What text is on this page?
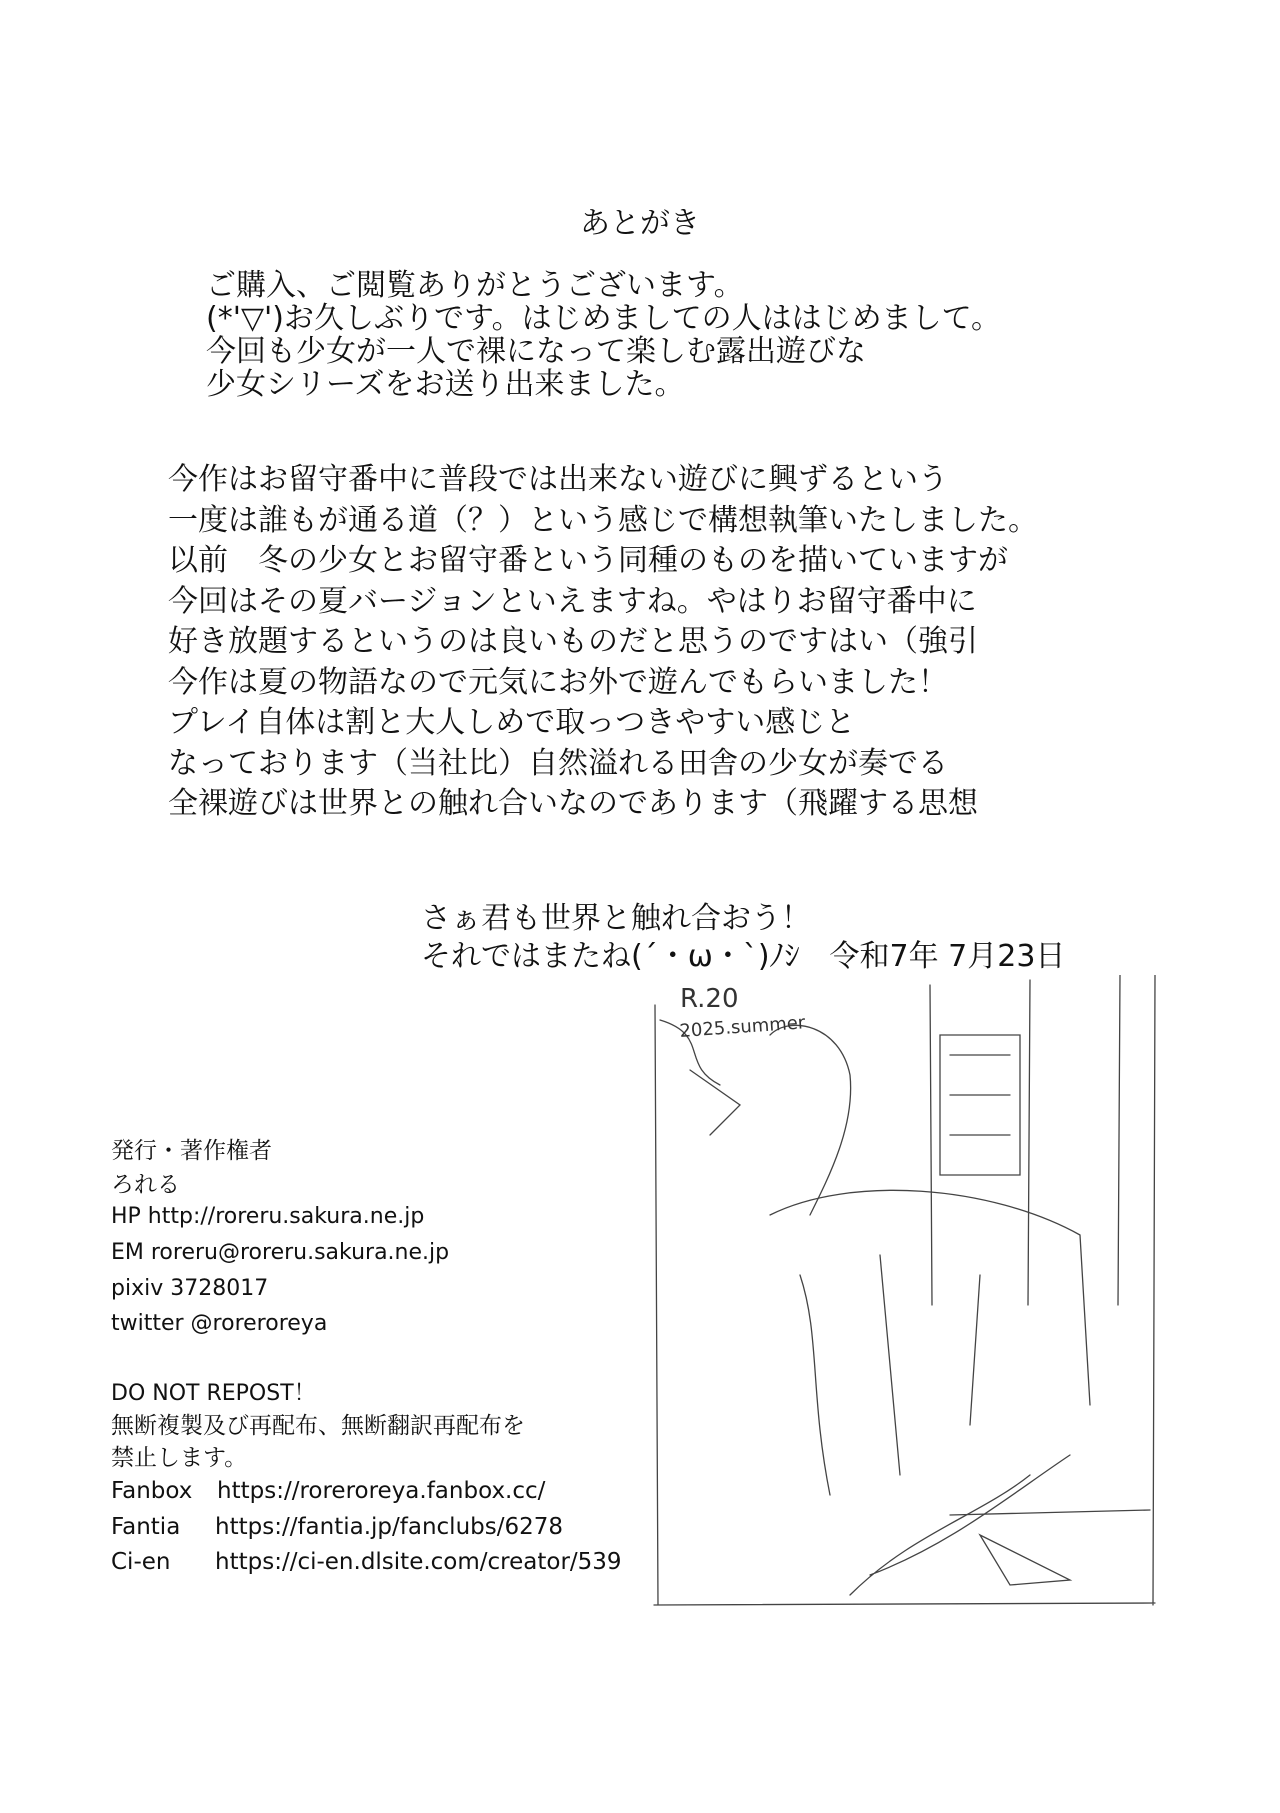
あとがき
ご購入、ご閲覧ありがとうございます。
(*'▽')お久しぶりです。はじめましての人ははじめまして。
今回も少女が一人で裸になって楽しむ露出遊びな
少女シリーズをお送り出来ました。
今作はお留守番中に普段では出来ない遊びに興ずるという
一度は誰もが通る道（？）という感じで構想執筆いたしました。
以前　冬の少女とお留守番という同種のものを描いていますが
今回はその夏バージョンといえますね。やはりお留守番中に
好き放題するというのは良いものだと思うのですはい（強引
今作は夏の物語なので元気にお外で遊んでもらいました！
プレイ自体は割と大人しめで取っつきやすい感じと
なっております（当社比）自然溢れる田舎の少女が奏でる
全裸遊びは世界との触れ合いなのであります（飛躍する思想
さぁ君も世界と触れ合おう！
それではまたね(´・ω・`)ﾉｼ　令和7年 7月23日
R.20
2025.summer
発行・著作権者
ろれる
HP http://roreru.sakura.ne.jp
EM roreru@roreru.sakura.ne.jp
pixiv 3728017
twitter @roreroreya
DO NOT REPOST！
無断複製及び再配布、無断翻訳再配布を
禁止します。
Fanbox https://roreroreya.fanbox.cc/
Fantia https://fantia.jp/fanclubs/6278
Ci-en https://ci-en.dlsite.com/creator/539
